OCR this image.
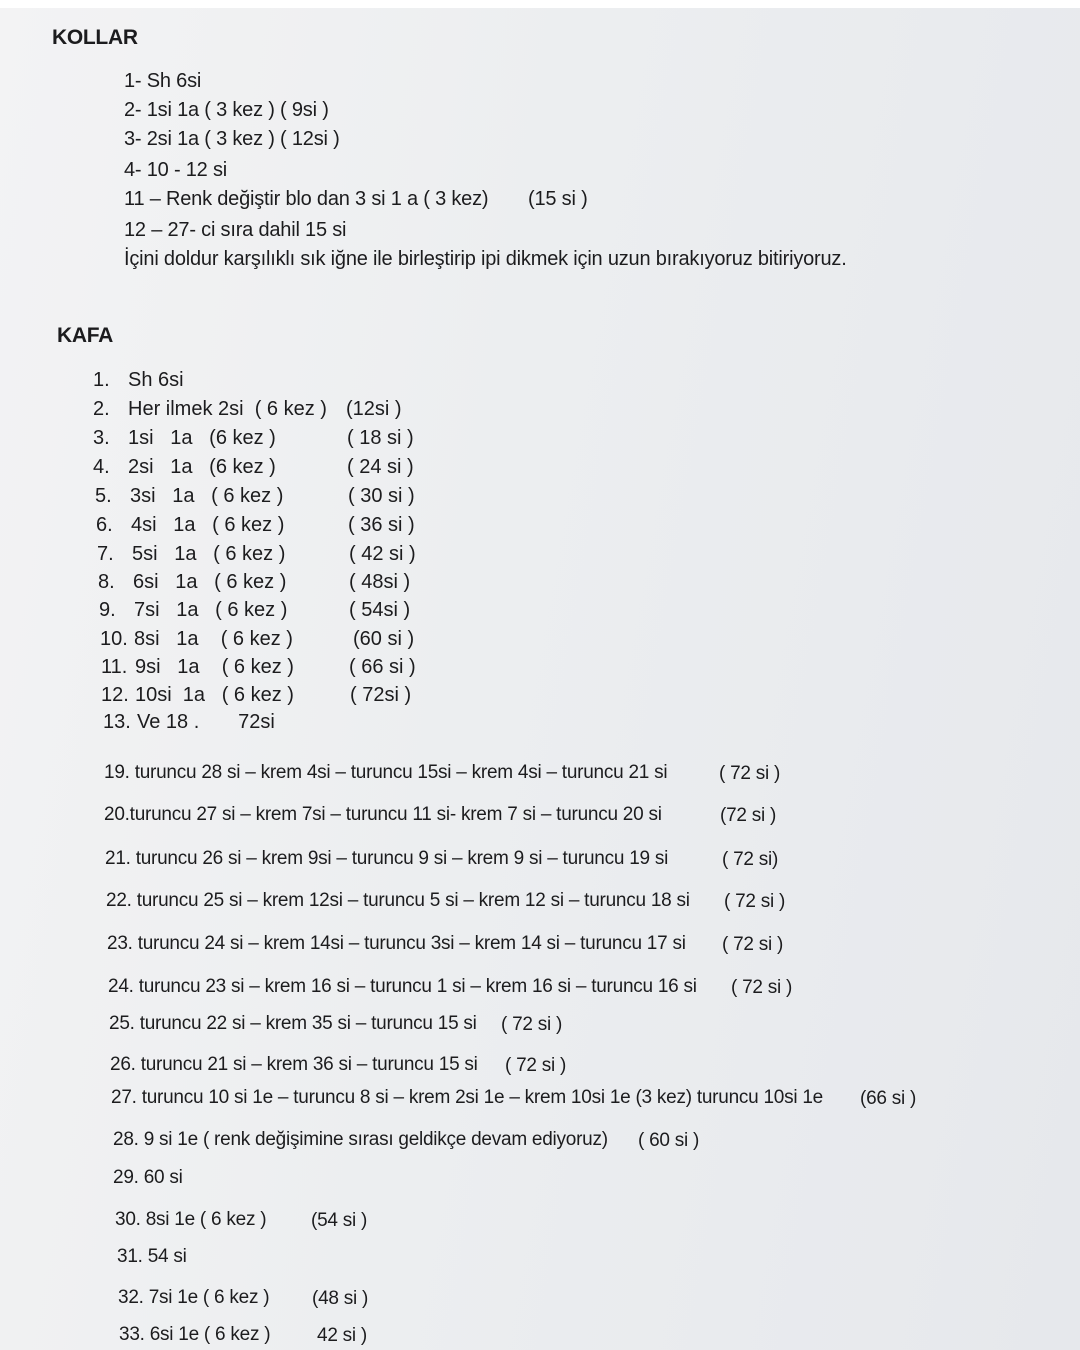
KOLLAR
1- Sh 6si
2- 1si 1a ( 3 kez ) ( 9si )
3- 2si 1a ( 3 kez ) ( 12si )
4- 10 - 12 si
11 – Renk değiştir blo dan 3 si 1 a ( 3 kez) (15 si )
12 – 27- ci sıra dahil 15 si
İçini doldur karşılıklı sık iğne ile birleştirip ipi dikmek için uzun bırakıyoruz bitiriyoruz.
KAFA
1. Sh 6si
2. Her ilmek 2si  ( 6 kez ) (12si )
3. 1si   1a   (6 kez )	( 18 si )
4. 2si   1a   (6 kez )	( 24 si )
5. 3si   1a   ( 6 kez )	( 30 si )
6. 4si   1a   ( 6 kez )	( 36 si )
7. 5si   1a   ( 6 kez )	( 42 si )
8. 6si   1a   ( 6 kez )	( 48si )
9. 7si   1a   ( 6 kez )	( 54si )
10. 8si   1a    ( 6 kez )	(60 si )
11. 9si   1a    ( 6 kez )	( 66 si )
12. 10si  1a   ( 6 kez )	( 72si )
13. Ve 18 .       72si
19. turuncu 28 si – krem 4si – turuncu 15si – krem 4si – turuncu 21 si	( 72 si )
20.turuncu 27 si – krem 7si – turuncu 11 si- krem 7 si – turuncu 20 si	(72 si )
21. turuncu 26 si – krem 9si – turuncu 9 si – krem 9 si – turuncu 19 si	( 72 si)
22. turuncu 25 si – krem 12si – turuncu 5 si – krem 12 si – turuncu 18 si ( 72 si )
23. turuncu 24 si – krem 14si – turuncu 3si – krem 14 si – turuncu 17 si ( 72 si )
24. turuncu 23 si – krem 16 si – turuncu 1 si – krem 16 si – turuncu 16 si ( 72 si )
25. turuncu 22 si – krem 35 si – turuncu 15 si ( 72 si )
26. turuncu 21 si – krem 36 si – turuncu 15 si ( 72 si )
27. turuncu 10 si 1e – turuncu 8 si – krem 2si 1e – krem 10si 1e (3 kez) turuncu 10si 1e (66 si )
28. 9 si 1e ( renk değişimine sırası geldikçe devam ediyoruz) ( 60 si )
29. 60 si
30. 8si 1e ( 6 kez ) (54 si )
31. 54 si
32. 7si 1e ( 6 kez ) (48 si )
33. 6si 1e ( 6 kez ) 42 si )
